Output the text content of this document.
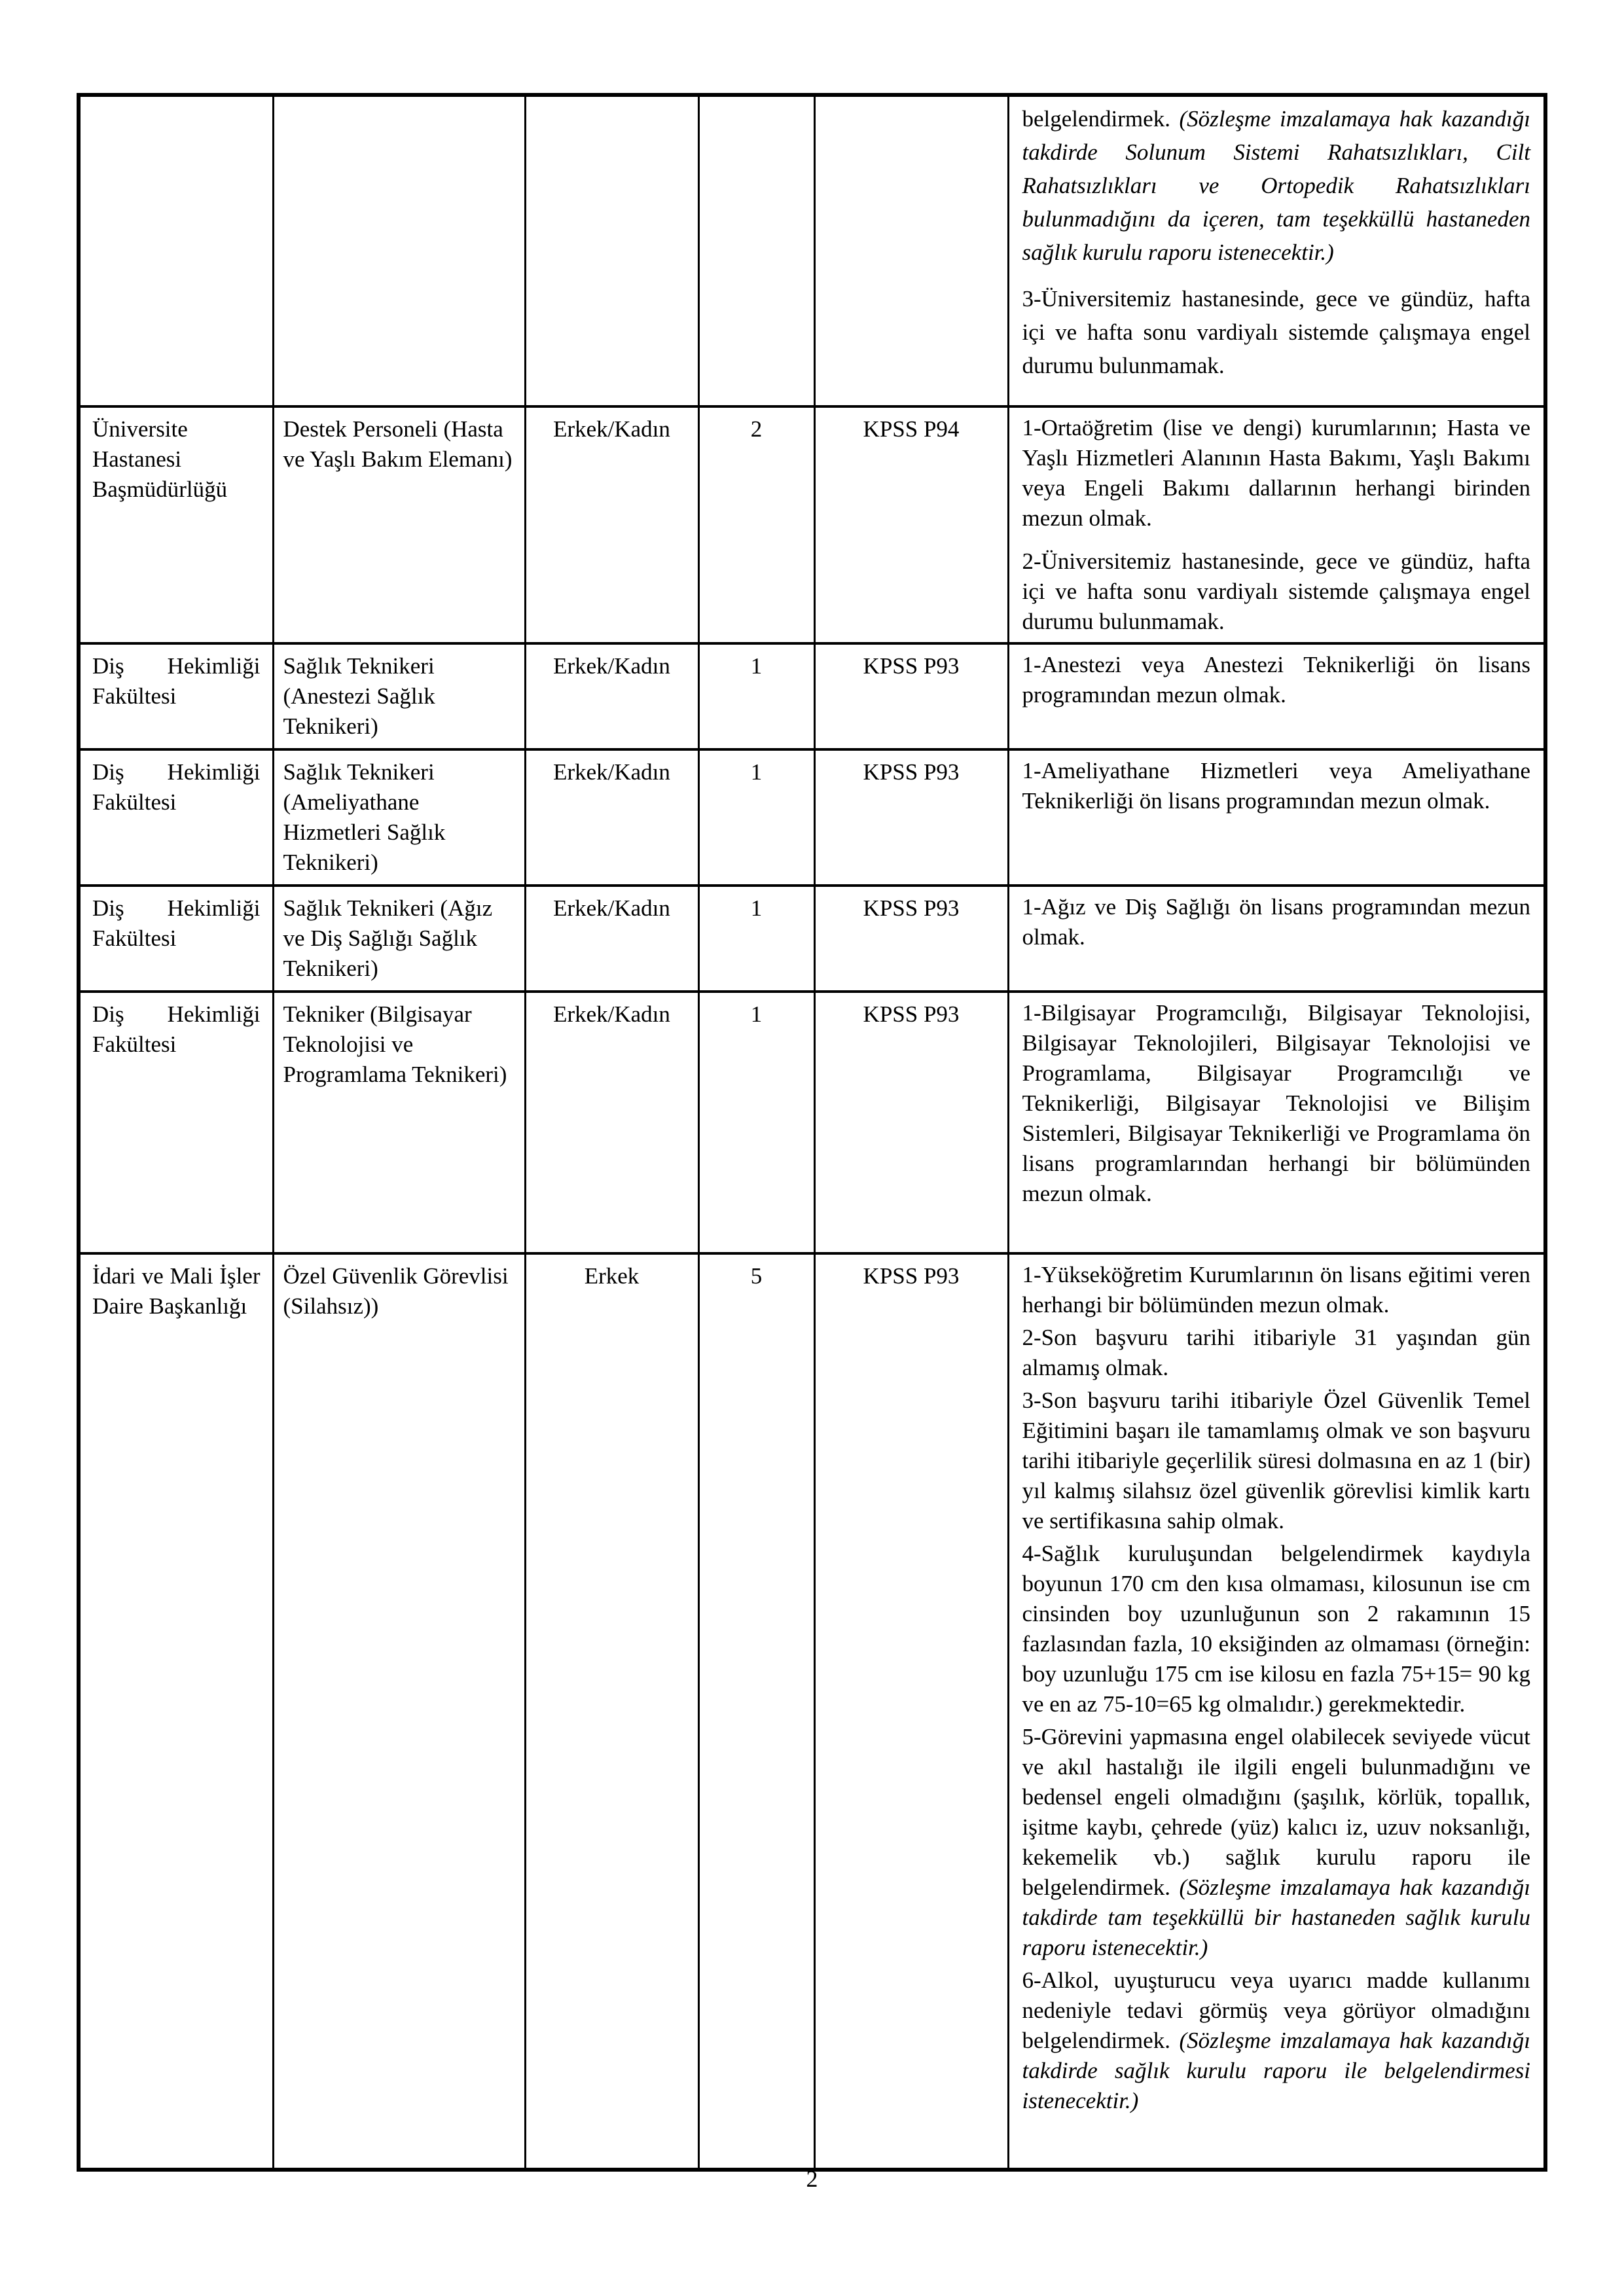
					belgelendirmek. (Sözleşme imzalamaya hak kazandığı takdirde Solunum Sistemi Rahatsızlıkları, Cilt Rahatsızlıkları ve Ortopedik Rahatsızlıkları bulunmadığını da içeren, tam teşekküllü hastaneden sağlık kurulu raporu istenecektir.)

3-Üniversitemiz hastanesinde, gece ve gündüz, hafta içi ve hafta sonu vardiyalı sistemde çalışmaya engel durumu bulunmamak.

Üniversite Hastanesi Başmüdürlüğü	Destek Personeli (Hasta ve Yaşlı Bakım Elemanı)	Erkek/Kadın	2	KPSS P94	1-Ortaöğretim (lise ve dengi) kurumlarının; Hasta ve Yaşlı Hizmetleri Alanının Hasta Bakımı, Yaşlı Bakımı veya Engeli Bakımı dallarının herhangi birinden mezun olmak.

2-Üniversitemiz hastanesinde, gece ve gündüz, hafta içi ve hafta sonu vardiyalı sistemde çalışmaya engel durumu bulunmamak.

Diş Hekimliği Fakültesi	Sağlık Teknikeri (Anestezi Sağlık Teknikeri)	Erkek/Kadın	1	KPSS P93	1-Anestezi veya Anestezi Teknikerliği ön lisans programından mezun olmak.

Diş Hekimliği Fakültesi	Sağlık Teknikeri (Ameliyathane Hizmetleri Sağlık Teknikeri)	Erkek/Kadın	1	KPSS P93	1-Ameliyathane Hizmetleri veya Ameliyathane Teknikerliği ön lisans programından mezun olmak.

Diş Hekimliği Fakültesi	Sağlık Teknikeri (Ağız ve Diş Sağlığı Sağlık Teknikeri)	Erkek/Kadın	1	KPSS P93	1-Ağız ve Diş Sağlığı ön lisans programından mezun olmak.

Diş Hekimliği Fakültesi	Tekniker (Bilgisayar Teknolojisi ve Programlama Teknikeri)	Erkek/Kadın	1	KPSS P93	1-Bilgisayar Programcılığı, Bilgisayar Teknolojisi, Bilgisayar Teknolojileri, Bilgisayar Teknolojisi ve Programlama, Bilgisayar Programcılığı ve Teknikerliği, Bilgisayar Teknolojisi ve Bilişim Sistemleri, Bilgisayar Teknikerliği ve Programlama ön lisans programlarından herhangi bir bölümünden mezun olmak.

İdari ve Mali İşler Daire Başkanlığı	Özel Güvenlik Görevlisi (Silahsız))	Erkek	5	KPSS P93	1-Yükseköğretim Kurumlarının ön lisans eğitimi veren herhangi bir bölümünden mezun olmak.

2-Son başvuru tarihi itibariyle 31 yaşından gün almamış olmak.

3-Son başvuru tarihi itibariyle Özel Güvenlik Temel Eğitimini başarı ile tamamlamış olmak ve son başvuru tarihi itibariyle geçerlilik süresi dolmasına en az 1 (bir) yıl kalmış silahsız özel güvenlik görevlisi kimlik kartı ve sertifikasına sahip olmak.

4-Sağlık kuruluşundan belgelendirmek kaydıyla boyunun 170 cm den kısa olmaması, kilosunun ise cm cinsinden boy uzunluğunun son 2 rakamının 15 fazlasından fazla, 10 eksiğinden az olmaması (örneğin: boy uzunluğu 175 cm ise kilosu en fazla 75+15= 90 kg ve en az 75-10=65 kg olmalıdır.) gerekmektedir.

5-Görevini yapmasına engel olabilecek seviyede vücut ve akıl hastalığı ile ilgili engeli bulunmadığını ve bedensel engeli olmadığını (şaşılık, körlük, topallık, işitme kaybı, çehrede (yüz) kalıcı iz, uzuv noksanlığı, kekemelik vb.) sağlık kurulu raporu ile belgelendirmek. (Sözleşme imzalamaya hak kazandığı takdirde tam teşekküllü bir hastaneden sağlık kurulu raporu istenecektir.)

6-Alkol, uyuşturucu veya uyarıcı madde kullanımı nedeniyle tedavi görmüş veya görüyor olmadığını belgelendirmek. (Sözleşme imzalamaya hak kazandığı takdirde sağlık kurulu raporu ile belgelendirmesi istenecektir.)

2
